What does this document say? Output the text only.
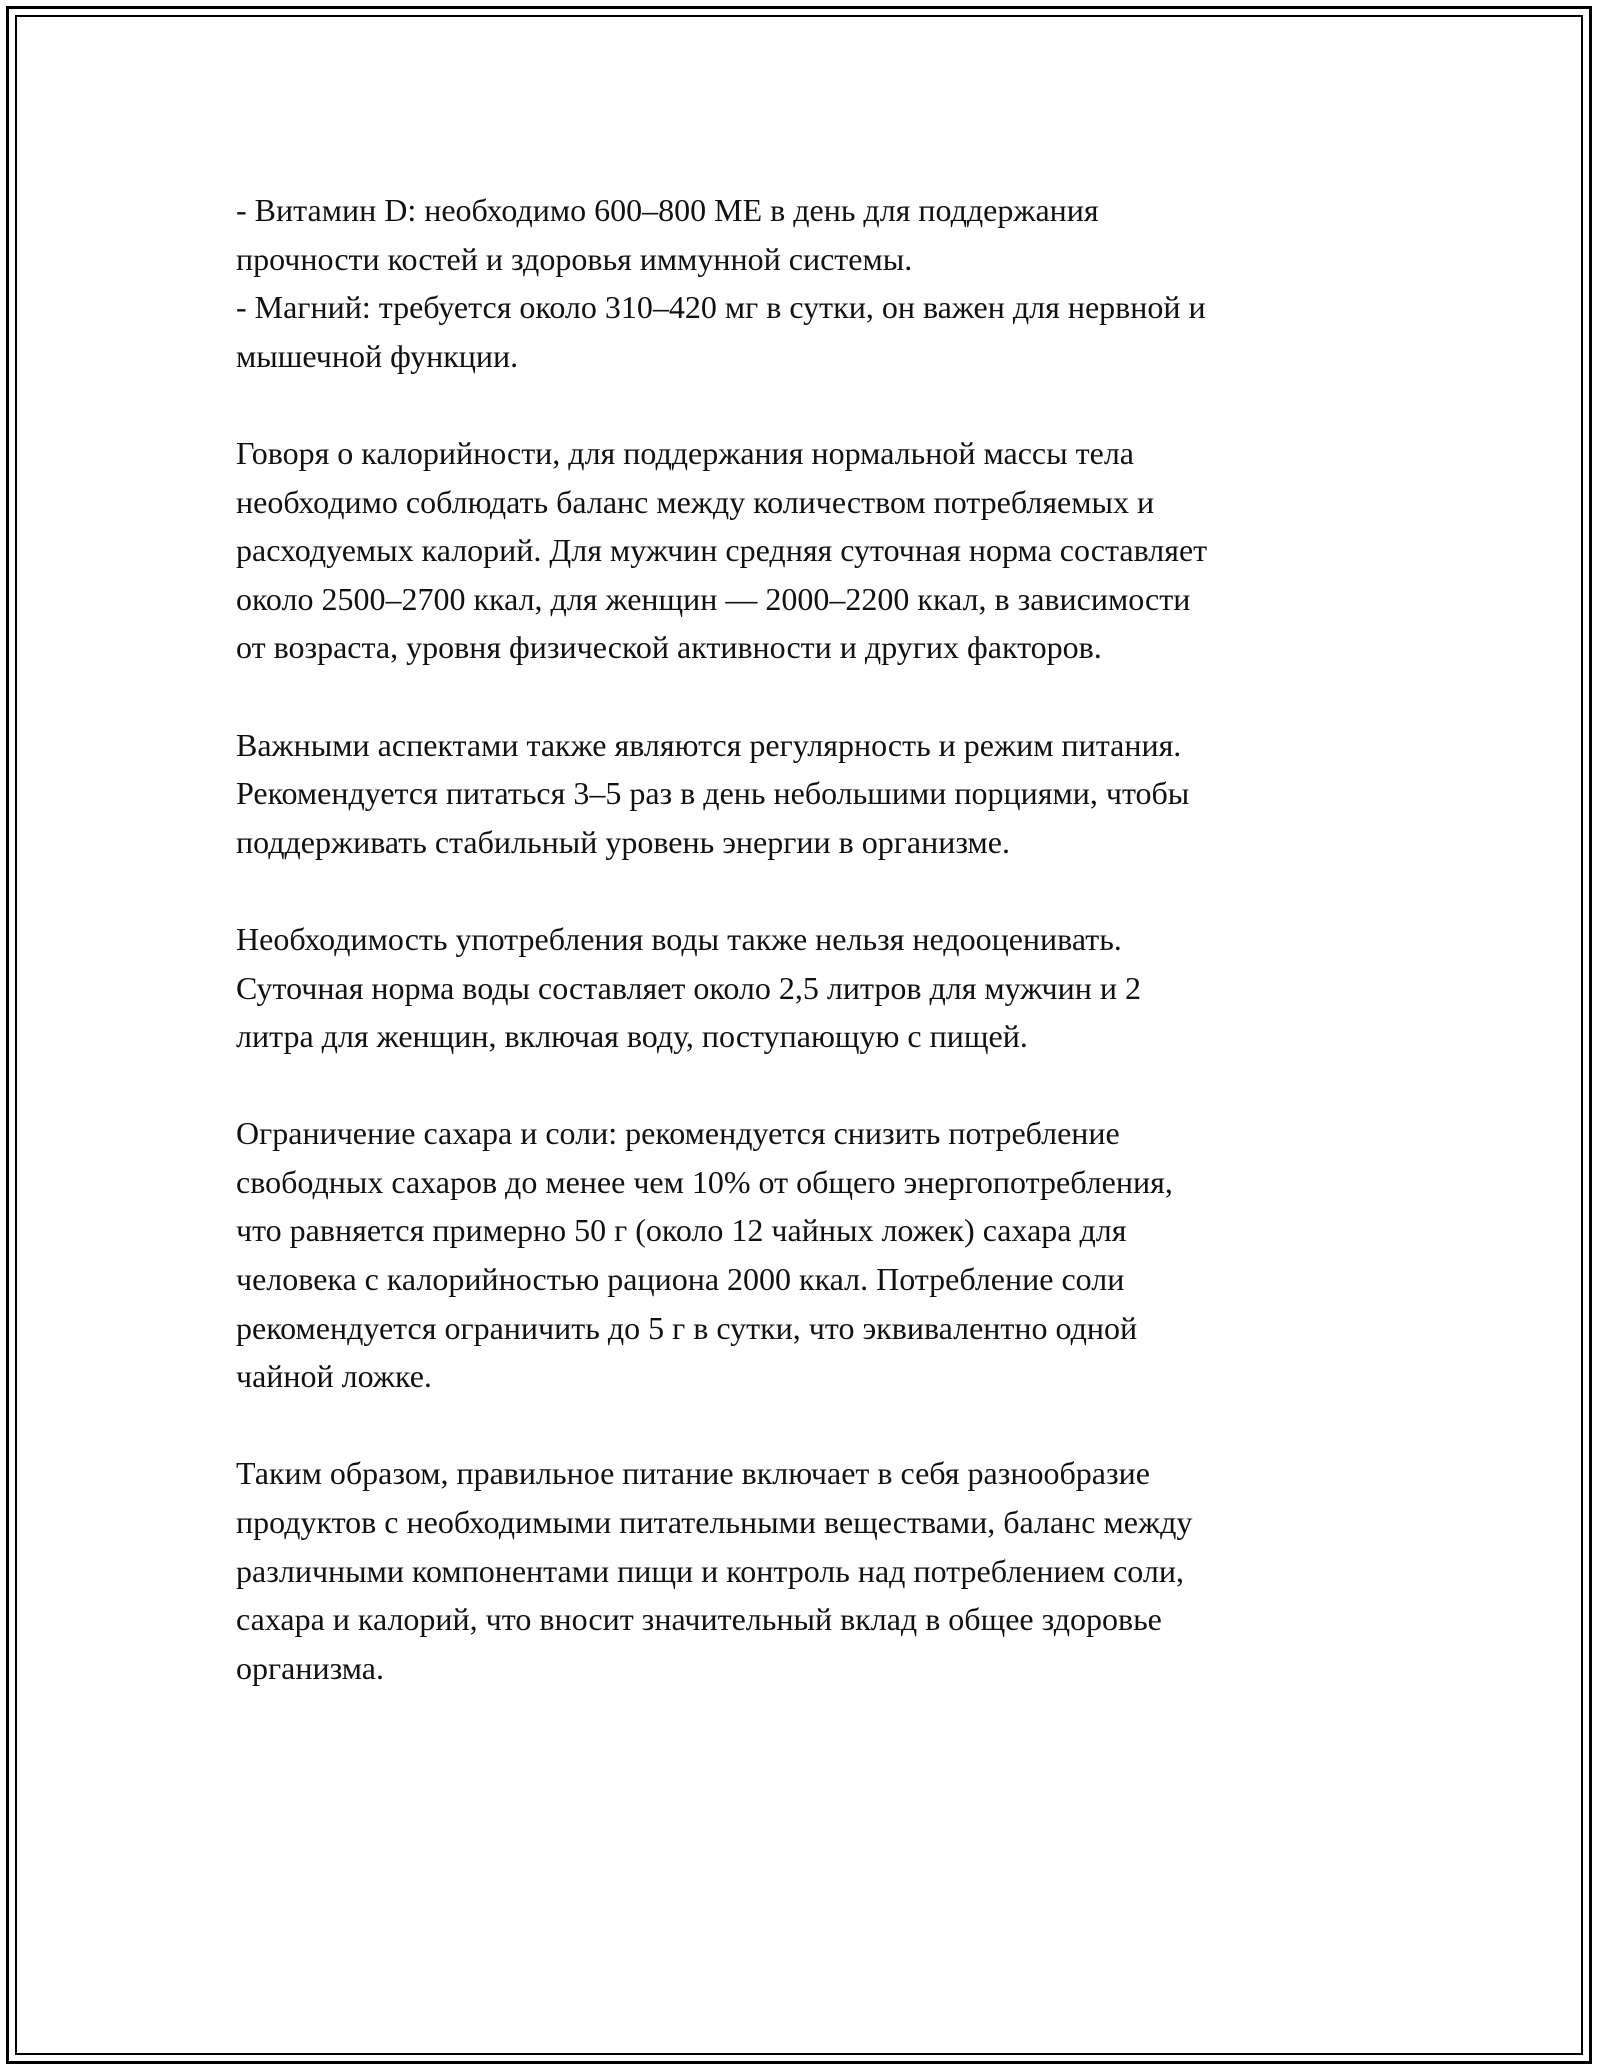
- Витамин D: необходимо 600–800 МЕ в день для поддержания
прочности костей и здоровья иммунной системы.
- Магний: требуется около 310–420 мг в сутки, он важен для нервной и
мышечной функции.
Говоря о калорийности, для поддержания нормальной массы тела
необходимо соблюдать баланс между количеством потребляемых и
расходуемых калорий. Для мужчин средняя суточная норма составляет
около 2500–2700 ккал, для женщин — 2000–2200 ккал, в зависимости
от возраста, уровня физической активности и других факторов.
Важными аспектами также являются регулярность и режим питания.
Рекомендуется питаться 3–5 раз в день небольшими порциями, чтобы
поддерживать стабильный уровень энергии в организме.
Необходимость употребления воды также нельзя недооценивать.
Суточная норма воды составляет около 2,5 литров для мужчин и 2
литра для женщин, включая воду, поступающую с пищей.
Ограничение сахара и соли: рекомендуется снизить потребление
свободных сахаров до менее чем 10% от общего энергопотребления,
что равняется примерно 50 г (около 12 чайных ложек) сахара для
человека с калорийностью рациона 2000 ккал. Потребление соли
рекомендуется ограничить до 5 г в сутки, что эквивалентно одной
чайной ложке.
Таким образом, правильное питание включает в себя разнообразие
продуктов с необходимыми питательными веществами, баланс между
различными компонентами пищи и контроль над потреблением соли,
сахара и калорий, что вносит значительный вклад в общее здоровье
организма.
